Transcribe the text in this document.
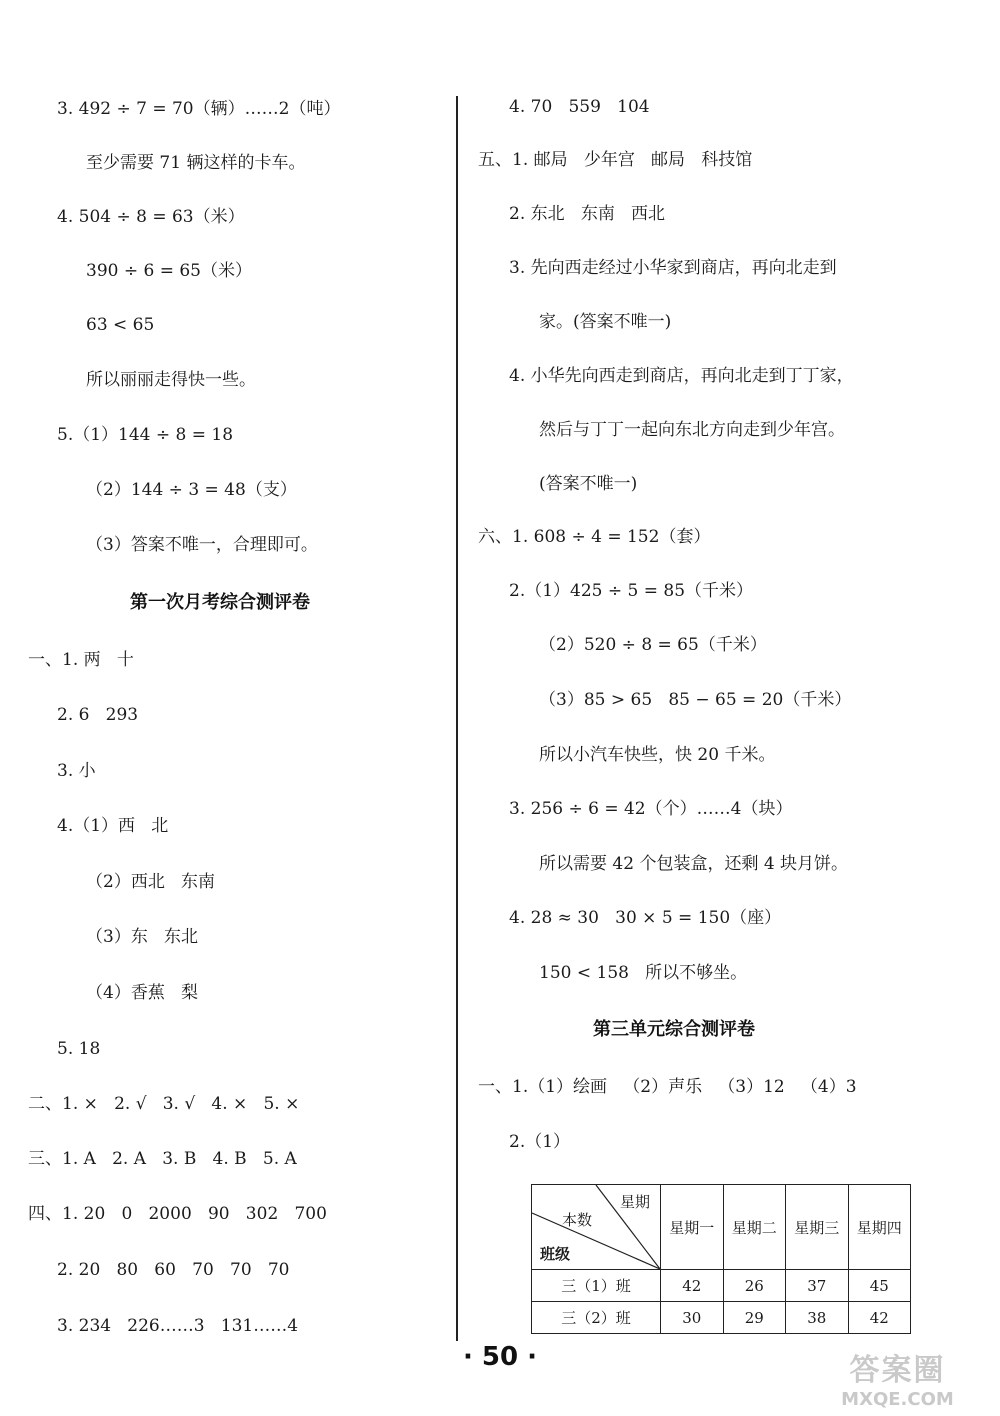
3. 492 ÷ 7 = 70（辆）……2（吨）
至少需要 71 辆这样的卡车。
4. 504 ÷ 8 = 63（米）
390 ÷ 6 = 65（米）
63 < 65
所以丽丽走得快一些。
5.（1）144 ÷ 8 = 18
（2）144 ÷ 3 = 48（支）
（3）答案不唯一，合理即可。
第一次月考综合测评卷
一、1. 两   十
2. 6   293
3. 小
4.（1）西   北
（2）西北   东南
（3）东   东北
（4）香蕉   梨
5. 18
二、1. ×   2. √   3. √   4. ×   5. ×
三、1. A   2. A   3. B   4. B   5. A
四、1. 20   0   2000   90   302   700
2. 20   80   60   70   70   70
3. 234   226……3   131……4
4. 70   559   104
五、1. 邮局   少年宫   邮局   科技馆
2. 东北   东南   西北
3. 先向西走经过小华家到商店，再向北走到
家。(答案不唯一)
4. 小华先向西走到商店，再向北走到丁丁家，
然后与丁丁一起向东北方向走到少年宫。
(答案不唯一)
六、1. 608 ÷ 4 = 152（套）
2.（1）425 ÷ 5 = 85（千米）
（2）520 ÷ 8 = 65（千米）
（3）85 > 65   85 − 65 = 20（千米）
所以小汽车快些，快 20 千米。
3. 256 ÷ 6 = 42（个）……4（块）
所以需要 42 个包装盒，还剩 4 块月饼。
4. 28 ≈ 30   30 × 5 = 150（座）
150 < 158   所以不够坐。
第三单元综合测评卷
一、1.（1）绘画   （2）声乐   （3）12   （4）3
2.（1）
星期
本数
班级	星期一	星期二	星期三	星期四
三（1）班	42	26	37	45
三（2）班	30	29	38	42
· 50 ·	答案圈
MXQE.COM
